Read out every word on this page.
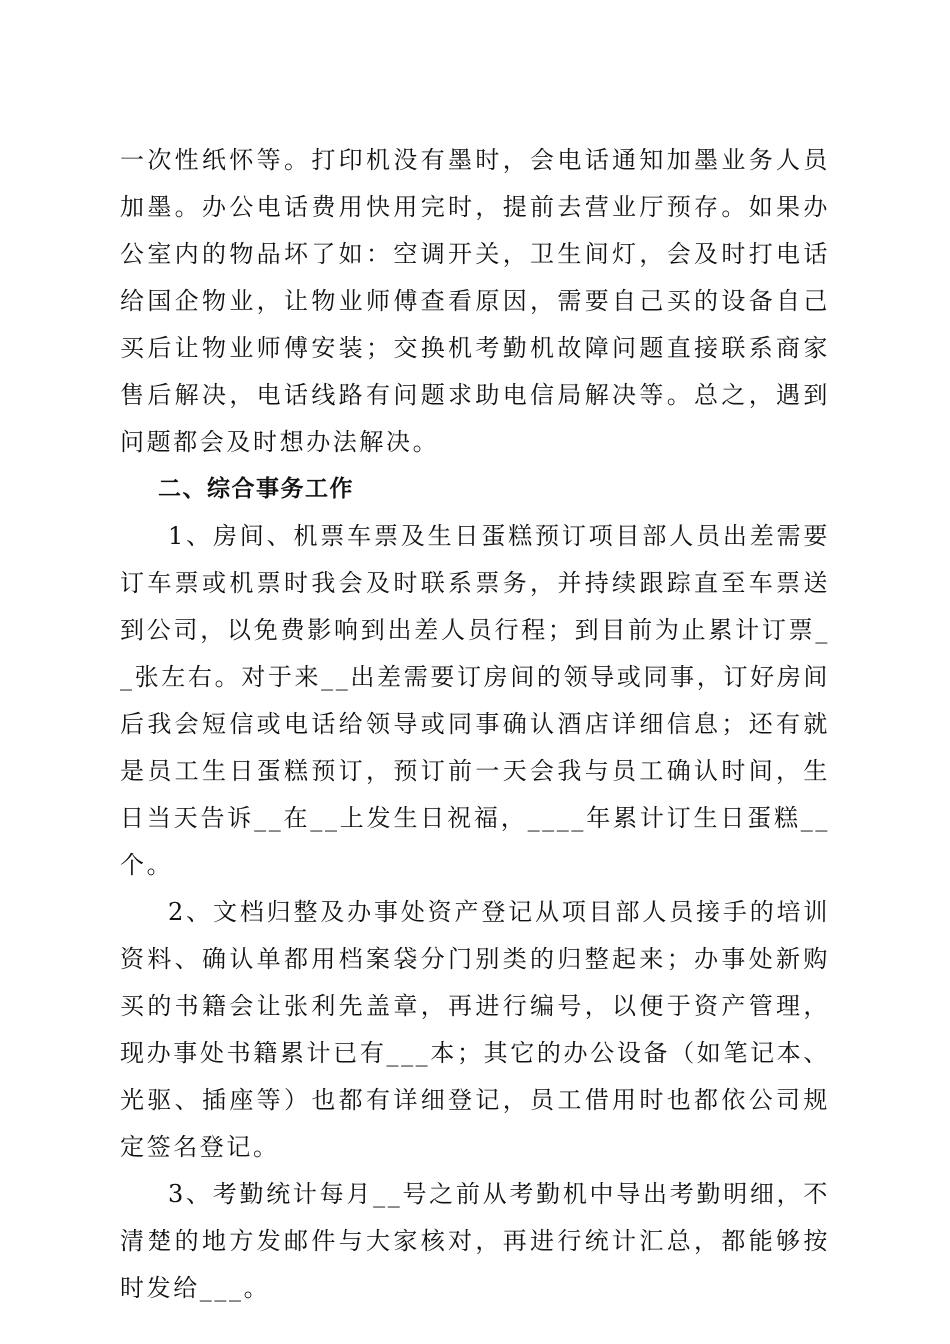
一次性纸怀等。打印机没有墨时，会电话通知加墨业务人员加墨。办公电话费用快用完时，提前去营业厅预存。如果办公室内的物品坏了如：空调开关，卫生间灯，会及时打电话给国企物业，让物业师傅查看原因，需要自己买的设备自己买后让物业师傅安装；交换机考勤机故障问题直接联系商家售后解决，电话线路有问题求助电信局解决等。总之，遇到问题都会及时想办法解决。

二、综合事务工作

1、房间、机票车票及生日蛋糕预订项目部人员出差需要订车票或机票时我会及时联系票务，并持续跟踪直至车票送到公司，以免费影响到出差人员行程；到目前为止累计订票__张左右。对于来__出差需要订房间的领导或同事，订好房间后我会短信或电话给领导或同事确认酒店详细信息；还有就是员工生日蛋糕预订，预订前一天会我与员工确认时间，生日当天告诉__在__上发生日祝福，____年累计订生日蛋糕__个。

2、文档归整及办事处资产登记从项目部人员接手的培训资料、确认单都用档案袋分门别类的归整起来；办事处新购买的书籍会让张利先盖章，再进行编号，以便于资产管理，现办事处书籍累计已有___本；其它的办公设备（如笔记本、光驱、插座等）也都有详细登记，员工借用时也都依公司规定签名登记。

3、考勤统计每月__号之前从考勤机中导出考勤明细，不清楚的地方发邮件与大家核对，再进行统计汇总，都能够按时发给___。
